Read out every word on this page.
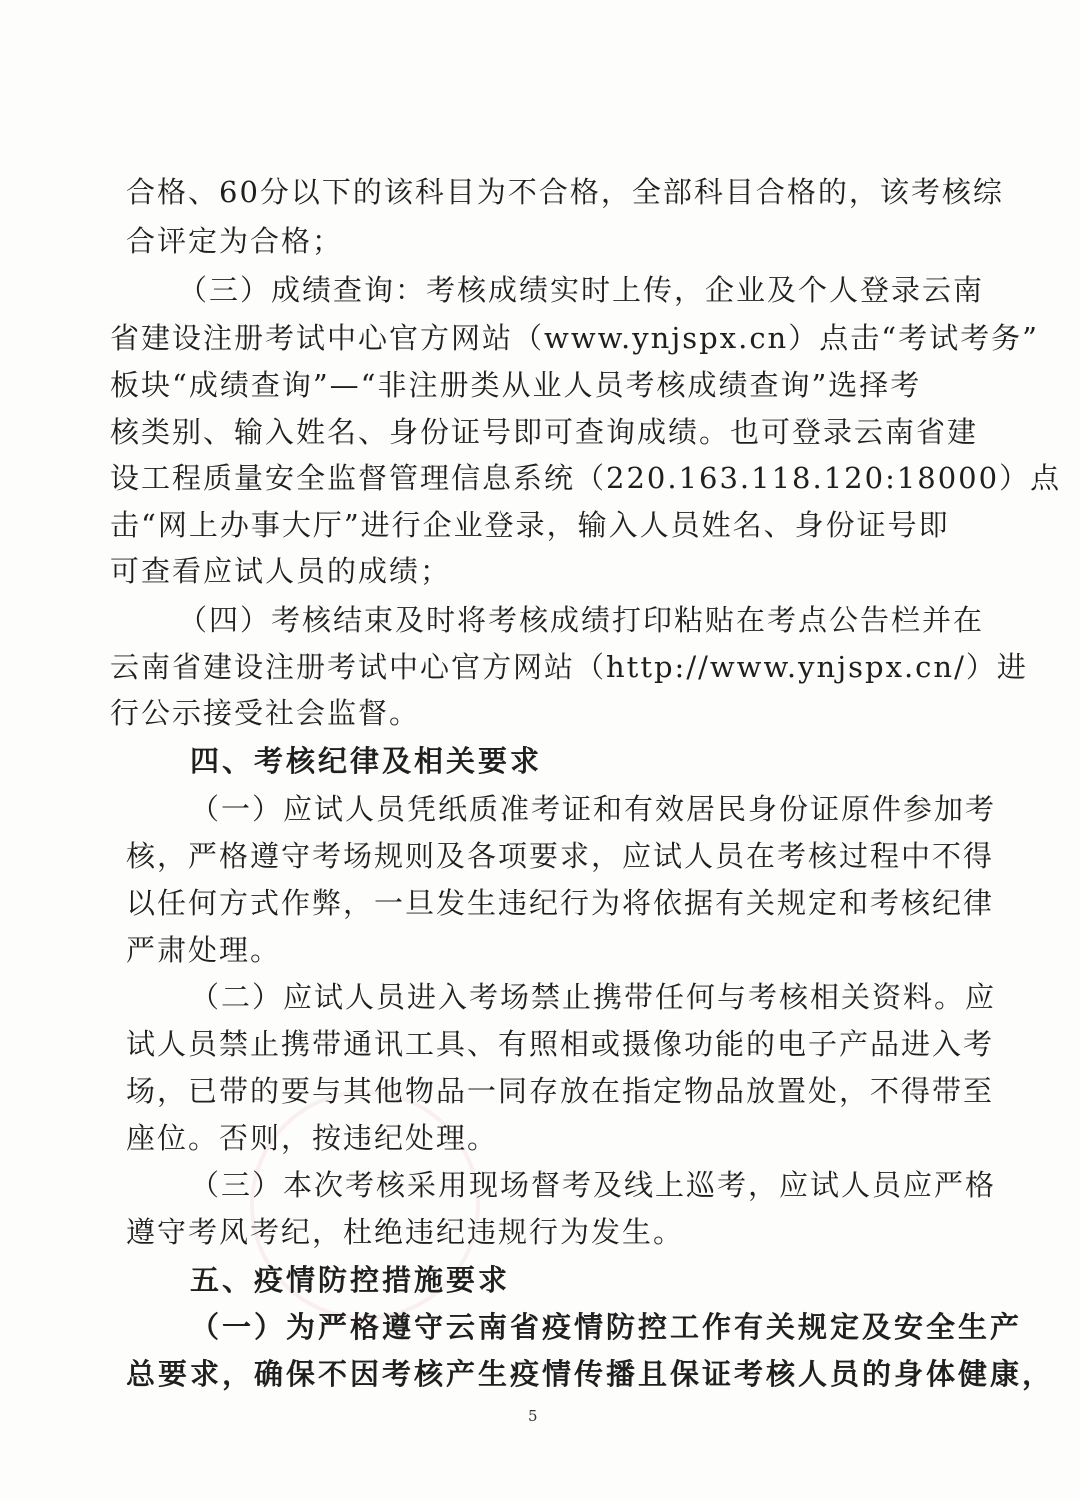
合格、60分以下的该科目为不合格，全部科目合格的，该考核综

合评定为合格；

（三）成绩查询：考核成绩实时上传，企业及个人登录云南

省建设注册考试中心官方网站（www.ynjspx.cn）点击“考试考务”

板块“成绩查询”—“非注册类从业人员考核成绩查询”选择考

核类别、输入姓名、身份证号即可查询成绩。也可登录云南省建

设工程质量安全监督管理信息系统（220.163.118.120:18000）点

击“网上办事大厅”进行企业登录，输入人员姓名、身份证号即

可查看应试人员的成绩；

（四）考核结束及时将考核成绩打印粘贴在考点公告栏并在

云南省建设注册考试中心官方网站（http://www.ynjspx.cn/）进

行公示接受社会监督。

四、考核纪律及相关要求

（一）应试人员凭纸质准考证和有效居民身份证原件参加考

核，严格遵守考场规则及各项要求，应试人员在考核过程中不得

以任何方式作弊，一旦发生违纪行为将依据有关规定和考核纪律

严肃处理。

（二）应试人员进入考场禁止携带任何与考核相关资料。应

试人员禁止携带通讯工具、有照相或摄像功能的电子产品进入考

场，已带的要与其他物品一同存放在指定物品放置处，不得带至

座位。否则，按违纪处理。

（三）本次考核采用现场督考及线上巡考，应试人员应严格

遵守考风考纪，杜绝违纪违规行为发生。

五、疫情防控措施要求

（一）为严格遵守云南省疫情防控工作有关规定及安全生产

总要求，确保不因考核产生疫情传播且保证考核人员的身体健康，

5
